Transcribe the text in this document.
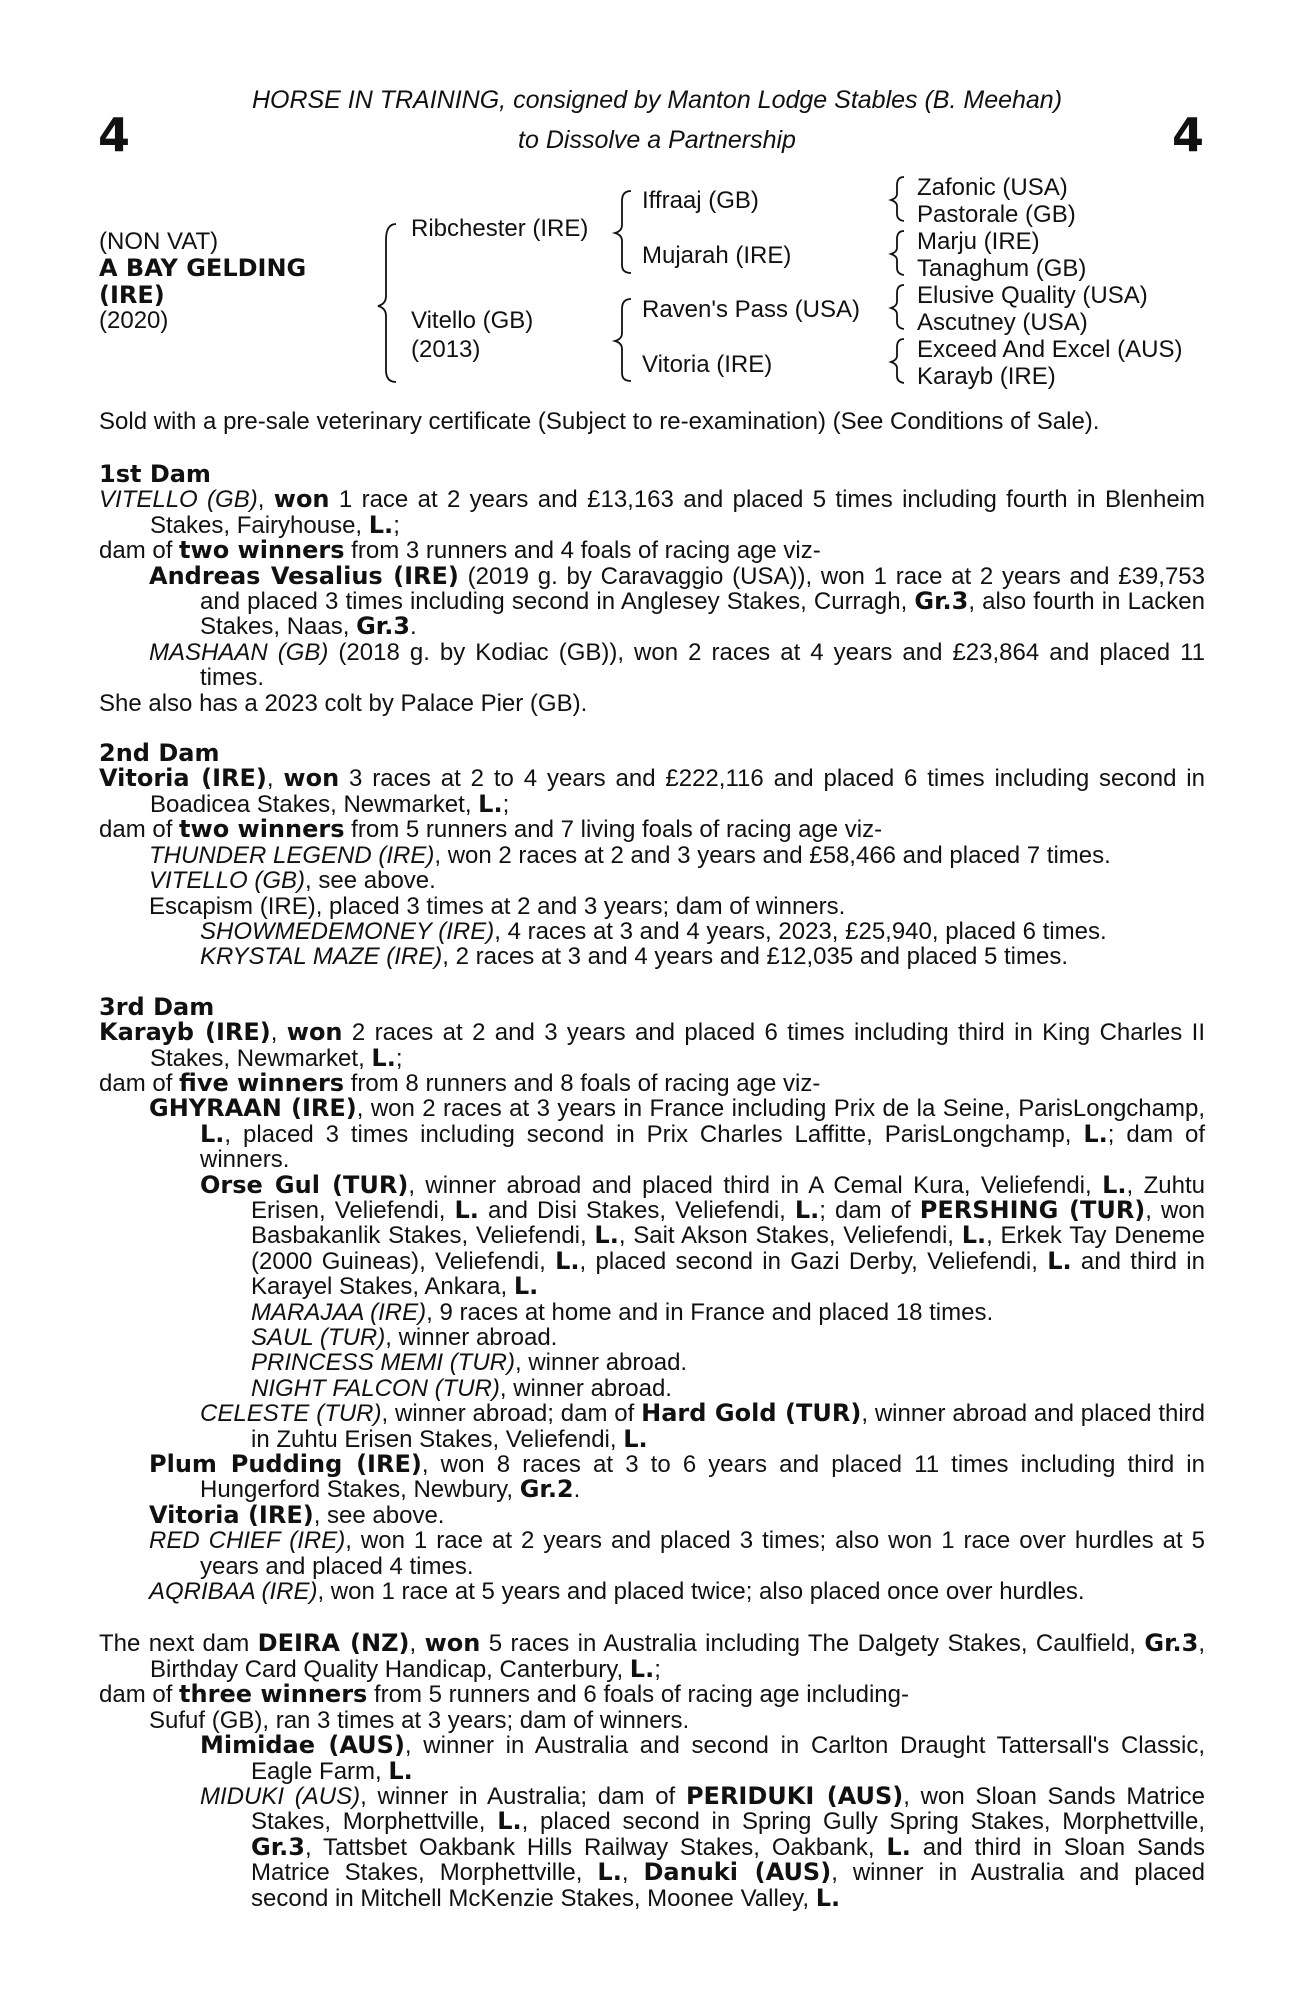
4	4
HORSE IN TRAINING, consigned by Manton Lodge Stables (B. Meehan)
to Dissolve a Partnership
(NON VAT)
A BAY GELDING
(IRE)
(2020)
Ribchester (IRE)
Vitello (GB)
(2013)
Iffraaj (GB)
Mujarah (IRE)
Raven's Pass (USA)
Vitoria (IRE)
Zafonic (USA)
Pastorale (GB)
Marju (IRE)
Tanaghum (GB)
Elusive Quality (USA)
Ascutney (USA)
Exceed And Excel (AUS)
Karayb (IRE)
Sold with a pre-sale veterinary certificate (Subject to re-examination) (See Conditions of Sale).
1st Dam
VITELLO (GB), won 1 race at 2 years and £13,163 and placed 5 times including fourth in Blenheim Stakes, Fairyhouse, L.;
dam of two winners from 3 runners and 4 foals of racing age viz-
Andreas Vesalius (IRE) (2019 g. by Caravaggio (USA)), won 1 race at 2 years and £39,753 and placed 3 times including second in Anglesey Stakes, Curragh, Gr.3, also fourth in Lacken Stakes, Naas, Gr.3.
MASHAAN (GB) (2018 g. by Kodiac (GB)), won 2 races at 4 years and £23,864 and placed 11 times.
She also has a 2023 colt by Palace Pier (GB).
2nd Dam
Vitoria (IRE), won 3 races at 2 to 4 years and £222,116 and placed 6 times including second in Boadicea Stakes, Newmarket, L.;
dam of two winners from 5 runners and 7 living foals of racing age viz-
THUNDER LEGEND (IRE), won 2 races at 2 and 3 years and £58,466 and placed 7 times.
VITELLO (GB), see above.
Escapism (IRE), placed 3 times at 2 and 3 years; dam of winners.
SHOWMEDEMONEY (IRE), 4 races at 3 and 4 years, 2023, £25,940, placed 6 times.
KRYSTAL MAZE (IRE), 2 races at 3 and 4 years and £12,035 and placed 5 times.
3rd Dam
Karayb (IRE), won 2 races at 2 and 3 years and placed 6 times including third in King Charles II Stakes, Newmarket, L.;
dam of five winners from 8 runners and 8 foals of racing age viz-
GHYRAAN (IRE), won 2 races at 3 years in France including Prix de la Seine, ParisLongchamp, L., placed 3 times including second in Prix Charles Laffitte, ParisLongchamp, L.; dam of winners.
Orse Gul (TUR), winner abroad and placed third in A Cemal Kura, Veliefendi, L., Zuhtu Erisen, Veliefendi, L. and Disi Stakes, Veliefendi, L.; dam of PERSHING (TUR), won Basbakanlik Stakes, Veliefendi, L., Sait Akson Stakes, Veliefendi, L., Erkek Tay Deneme (2000 Guineas), Veliefendi, L., placed second in Gazi Derby, Veliefendi, L. and third in Karayel Stakes, Ankara, L.
MARAJAA (IRE), 9 races at home and in France and placed 18 times.
SAUL (TUR), winner abroad.
PRINCESS MEMI (TUR), winner abroad.
NIGHT FALCON (TUR), winner abroad.
CELESTE (TUR), winner abroad; dam of Hard Gold (TUR), winner abroad and placed third in Zuhtu Erisen Stakes, Veliefendi, L.
Plum Pudding (IRE), won 8 races at 3 to 6 years and placed 11 times including third in Hungerford Stakes, Newbury, Gr.2.
Vitoria (IRE), see above.
RED CHIEF (IRE), won 1 race at 2 years and placed 3 times; also won 1 race over hurdles at 5 years and placed 4 times.
AQRIBAA (IRE), won 1 race at 5 years and placed twice; also placed once over hurdles.
The next dam DEIRA (NZ), won 5 races in Australia including The Dalgety Stakes, Caulfield, Gr.3, Birthday Card Quality Handicap, Canterbury, L.;
dam of three winners from 5 runners and 6 foals of racing age including-
Sufuf (GB), ran 3 times at 3 years; dam of winners.
Mimidae (AUS), winner in Australia and second in Carlton Draught Tattersall's Classic, Eagle Farm, L.
MIDUKI (AUS), winner in Australia; dam of PERIDUKI (AUS), won Sloan Sands Matrice Stakes, Morphettville, L., placed second in Spring Gully Spring Stakes, Morphettville, Gr.3, Tattsbet Oakbank Hills Railway Stakes, Oakbank, L. and third in Sloan Sands Matrice Stakes, Morphettville, L., Danuki (AUS), winner in Australia and placed second in Mitchell McKenzie Stakes, Moonee Valley, L.
